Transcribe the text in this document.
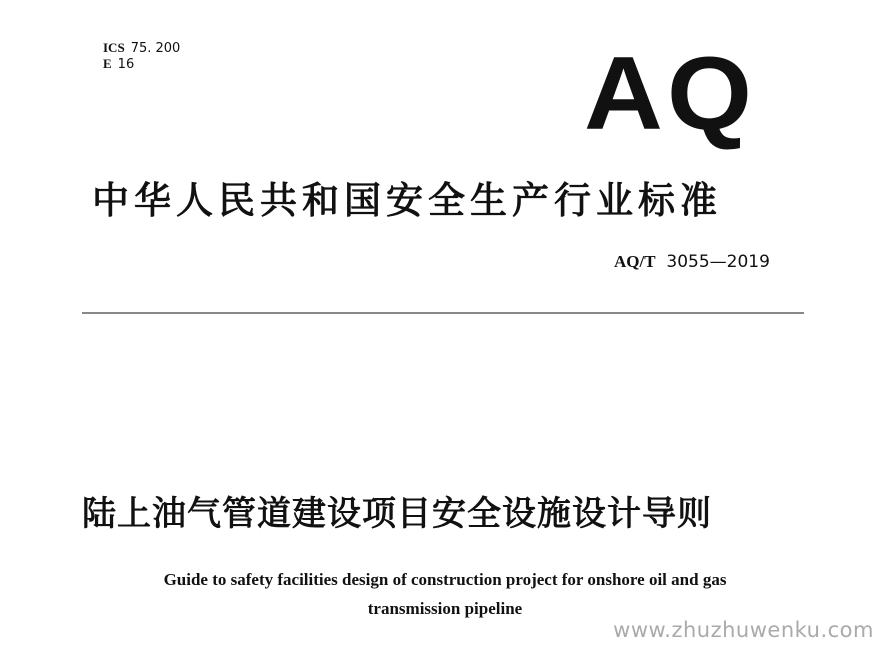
ICS 75. 200
E 16	AQ
中华人民共和国安全生产行业标准
AQ/T 3055—2019
陆上油气管道建设项目安全设施设计导则
Guide to safety facilities design of construction project for onshore oil and gas
transmission pipeline
www.zhuzhuwenku.com
